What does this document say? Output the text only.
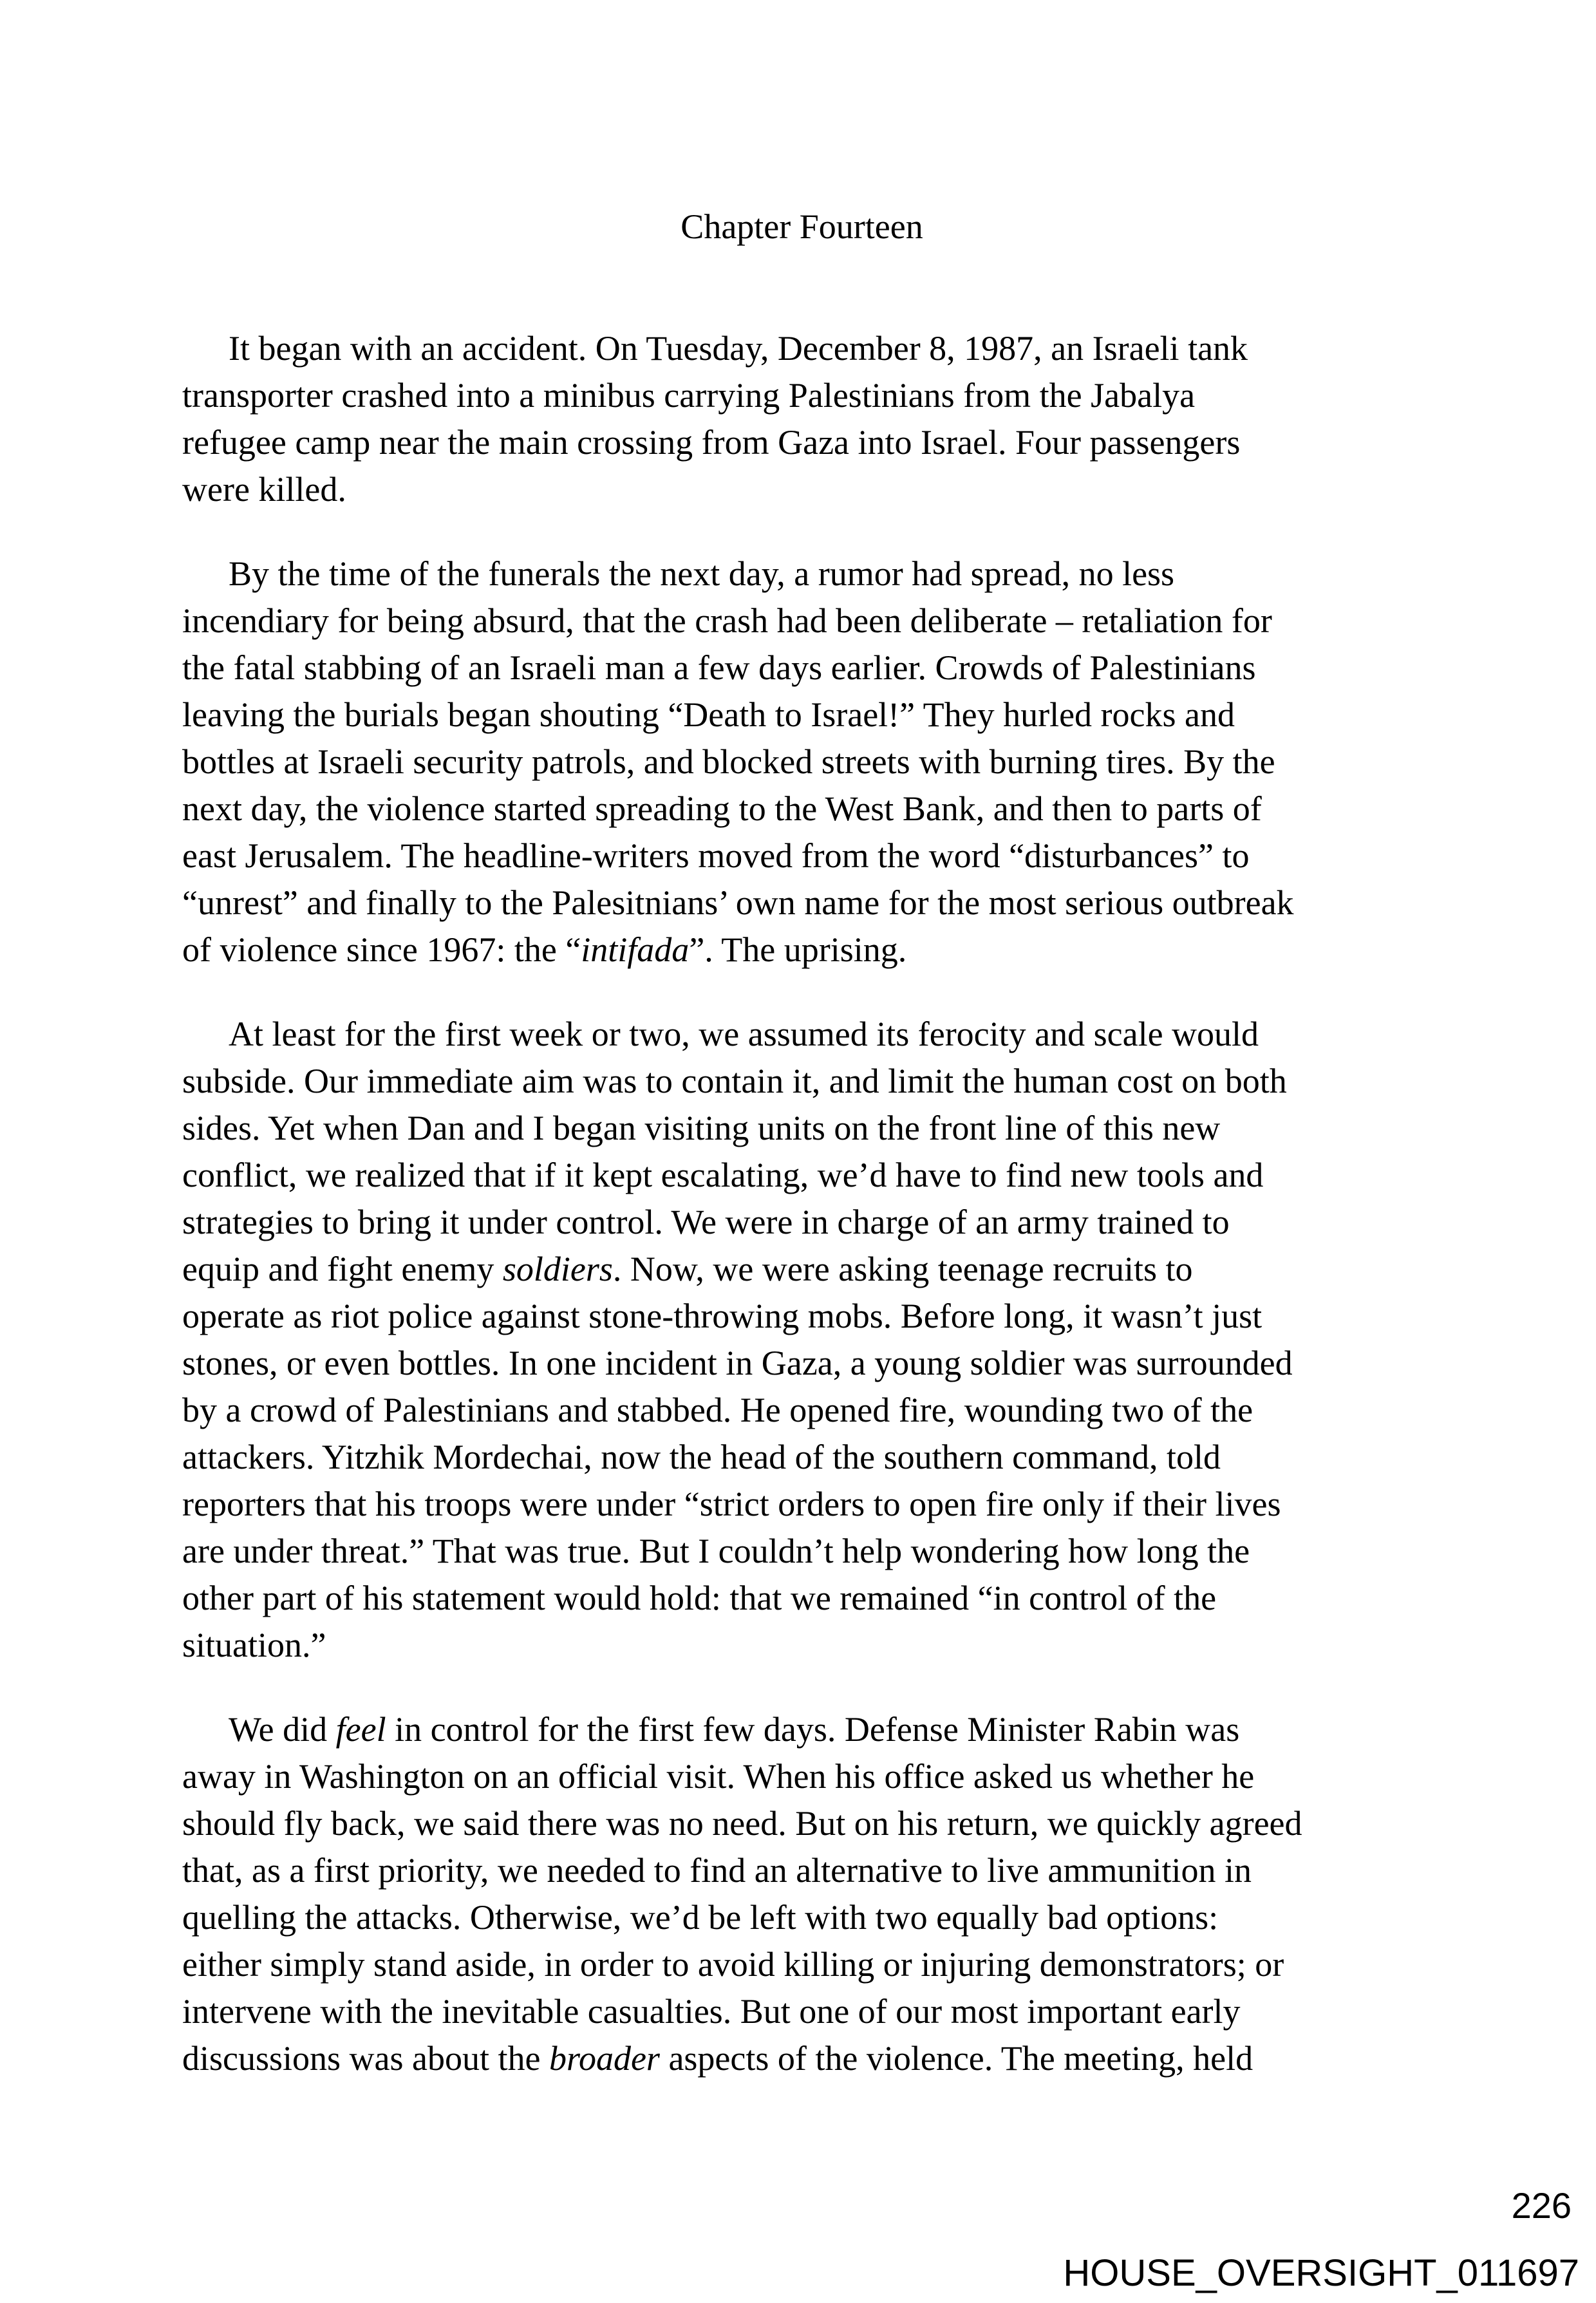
Chapter Fourteen

It began with an accident. On Tuesday, December 8, 1987, an Israeli tank
transporter crashed into a minibus carrying Palestinians from the Jabalya
refugee camp near the main crossing from Gaza into Israel. Four passengers
were killed.

By the time of the funerals the next day, a rumor had spread, no less
incendiary for being absurd, that the crash had been deliberate – retaliation for
the fatal stabbing of an Israeli man a few days earlier. Crowds of Palestinians
leaving the burials began shouting “Death to Israel!” They hurled rocks and
bottles at Israeli security patrols, and blocked streets with burning tires. By the
next day, the violence started spreading to the West Bank, and then to parts of
east Jerusalem. The headline-writers moved from the word “disturbances” to
“unrest” and finally to the Palesitnians’ own name for the most serious outbreak
of violence since 1967: the “intifada”. The uprising.

At least for the first week or two, we assumed its ferocity and scale would
subside. Our immediate aim was to contain it, and limit the human cost on both
sides. Yet when Dan and I began visiting units on the front line of this new
conflict, we realized that if it kept escalating, we’d have to find new tools and
strategies to bring it under control. We were in charge of an army trained to
equip and fight enemy soldiers. Now, we were asking teenage recruits to
operate as riot police against stone-throwing mobs. Before long, it wasn’t just
stones, or even bottles. In one incident in Gaza, a young soldier was surrounded
by a crowd of Palestinians and stabbed. He opened fire, wounding two of the
attackers. Yitzhik Mordechai, now the head of the southern command, told
reporters that his troops were under “strict orders to open fire only if their lives
are under threat.” That was true. But I couldn’t help wondering how long the
other part of his statement would hold: that we remained “in control of the
situation.”

We did feel in control for the first few days. Defense Minister Rabin was
away in Washington on an official visit. When his office asked us whether he
should fly back, we said there was no need. But on his return, we quickly agreed
that, as a first priority, we needed to find an alternative to live ammunition in
quelling the attacks. Otherwise, we’d be left with two equally bad options:
either simply stand aside, in order to avoid killing or injuring demonstrators; or
intervene with the inevitable casualties. But one of our most important early
discussions was about the broader aspects of the violence. The meeting, held

226
HOUSE_OVERSIGHT_011697
